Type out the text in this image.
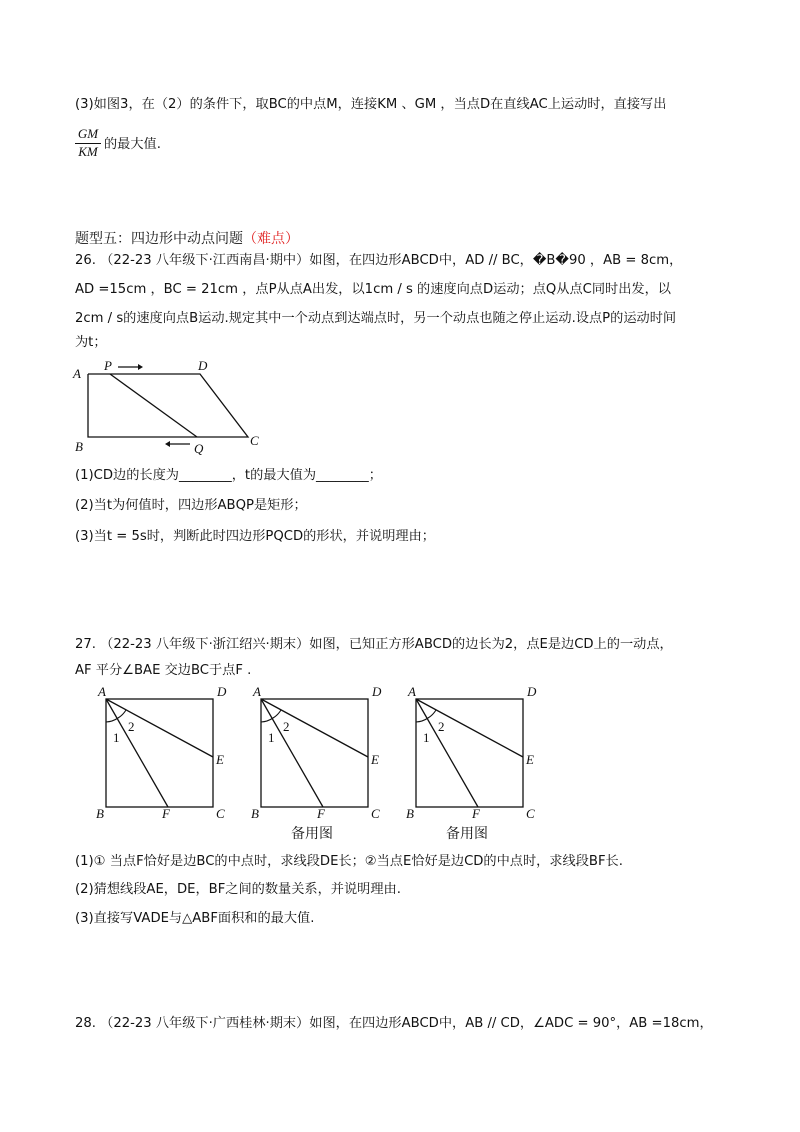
(3)如图3，在（2）的条件下，取BC的中点M，连接KM 、GM ，当点D在直线AC上运动时，直接写出
$\frac{GM}{KM}$ 的最大值.
题型五：四边形中动点问题（难点）
26. （22-23 八年级下·江西南昌·期中）如图，在四边形ABCD中，AD // BC，�B�90 ，AB = 8cm，
AD =15cm ，BC = 21cm ，点P从点A出发，以1cm / s 的速度向点D运动；点Q从点C同时出发，以
2cm / s的速度向点B运动.规定其中一个动点到达端点时，另一个动点也随之停止运动.设点P的运动时间
为t；
A
P	D
B	Q
C
(1)CD边的长度为________，t的最大值为________；
(2)当t为何值时，四边形ABQP是矩形；
(3)当t = 5s时，判断此时四边形PQCD的形状，并说明理由；
27. （22-23 八年级下·浙江绍兴·期末）如图，已知正方形ABCD的边长为2，点E是边CD上的一动点，
AF 平分∠BAE 交边BC于点F .
A	D
E
B	F	C
1
2
A	D
E
B	F	C
1
2
A	D
E
B	F	C
1
2
备用图	备用图
(1)① 当点F恰好是边BC的中点时，求线段DE长；②当点E恰好是边CD的中点时，求线段BF长.
(2)猜想线段AE，DE，BF之间的数量关系，并说明理由.
(3)直接写VADE与△ABF面积和的最大值.
28. （22-23 八年级下·广西桂林·期末）如图，在四边形ABCD中，AB // CD，∠ADC = 90°，AB =18cm，
